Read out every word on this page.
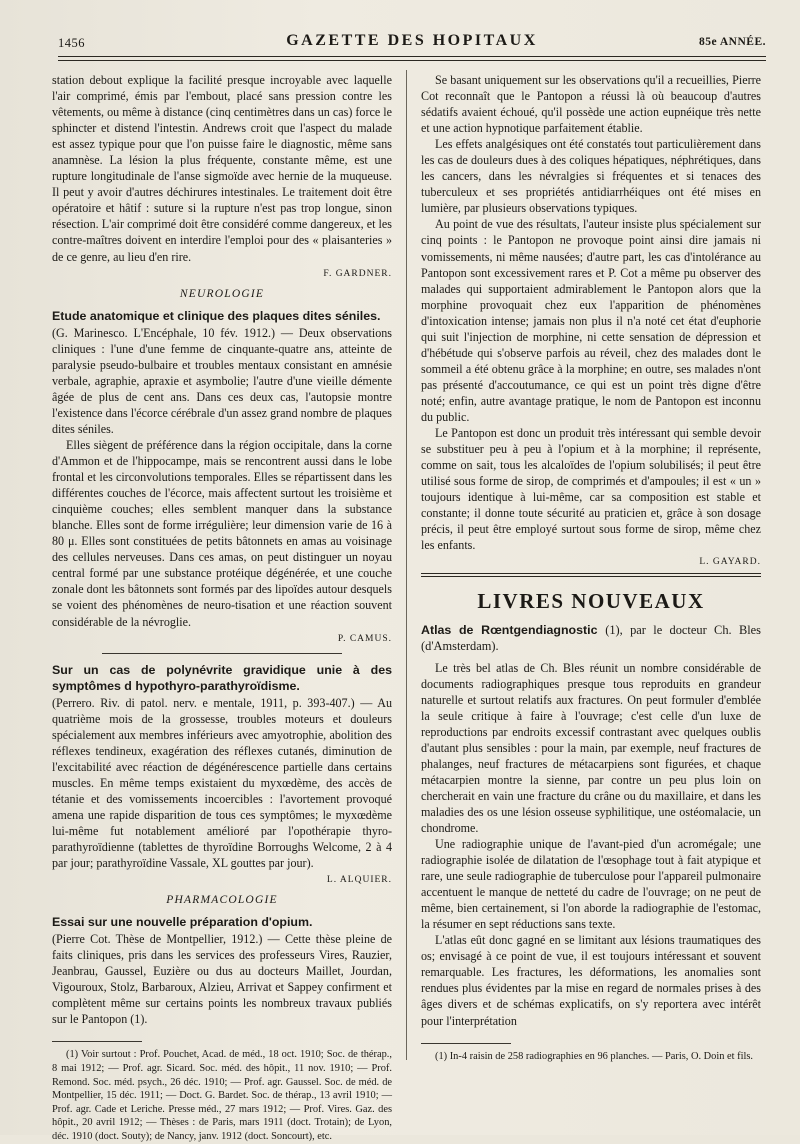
1456	GAZETTE DES HOPITAUX	85e ANNÉE.

station debout explique la facilité presque incroyable avec laquelle l'air comprimé, émis par l'embout, placé sans pression contre les vêtements, ou même à distance (cinq centimètres dans un cas) force le sphincter et distend l'intestin. Andrews croit que l'aspect du malade est assez typique pour que l'on puisse faire le diagnostic, même sans anamnèse. La lésion la plus fréquente, constante même, est une rupture longitudinale de l'anse sigmoïde avec hernie de la muqueuse. Il peut y avoir d'autres déchirures intestinales. Le traitement doit être opératoire et hâtif : suture si la rupture n'est pas trop longue, sinon résection. L'air comprimé doit être considéré comme dangereux, et les contre-maîtres doivent en interdire l'emploi pour des « plaisanteries » de ce genre, au lieu d'en rire.

F. GARDNER.
NEUROLOGIE
Etude anatomique et clinique des plaques dites séniles.

(G. Marinesco. L'Encéphale, 10 fév. 1912.) — Deux observations cliniques : l'une d'une femme de cinquante-quatre ans, atteinte de paralysie pseudo-bulbaire et troubles mentaux consistant en amnésie verbale, agraphie, apraxie et asymbolie; l'autre d'une vieille démente âgée de plus de cent ans. Dans ces deux cas, l'autopsie montre l'existence dans l'écorce cérébrale d'un assez grand nombre de plaques dites séniles.

Elles siègent de préférence dans la région occipitale, dans la corne d'Ammon et de l'hippocampe, mais se rencontrent aussi dans le lobe frontal et les circonvolutions temporales. Elles se répartissent dans les différentes couches de l'écorce, mais affectent surtout les troisième et cinquième couches; elles semblent manquer dans la substance blanche. Elles sont de forme irrégulière; leur dimension varie de 16 à 80 μ. Elles sont constituées de petits bâtonnets en amas au voisinage des cellules nerveuses. Dans ces amas, on peut distinguer un noyau central formé par une substance protéique dégénérée, et une couche zonale dont les bâtonnets sont formés par des lipoïdes autour desquels se voient des phénomènes de neuro-tisation et une réaction souvent considérable de la névroglie.

P. CAMUS.
Sur un cas de polynévrite gravidique unie à des symptômes d hypothyro-parathyroïdisme.

(Perrero. Riv. di patol. nerv. e mentale, 1911, p. 393-407.) — Au quatrième mois de la grossesse, troubles moteurs et douleurs spécialement aux membres inférieurs avec amyotrophie, abolition des réflexes tendineux, exagération des réflexes cutanés, diminution de l'excitabilité avec réaction de dégénérescence partielle dans certains muscles. En même temps existaient du myxœdème, des accès de tétanie et des vomissements incoercibles : l'avortement provoqué amena une rapide disparition de tous ces symptômes; le myxœdème lui-même fut notablement amélioré par l'opothérapie thyro-parathyroïdienne (tablettes de thyroïdine Borroughs Welcome, 2 à 4 par jour; parathyroïdine Vassale, XL gouttes par jour).

L. ALQUIER.
PHARMACOLOGIE
Essai sur une nouvelle préparation d'opium.

(Pierre Cot. Thèse de Montpellier, 1912.) — Cette thèse pleine de faits cliniques, pris dans les services des professeurs Vires, Rauzier, Jeanbrau, Gaussel, Euzière ou dus au docteurs Maillet, Jourdan, Vigouroux, Stolz, Barbaroux, Alzieu, Arrivat et Sappey confirment et complètent même sur certains points les nombreux travaux publiés sur le Pantopon (1).

(1) Voir surtout : Prof. Pouchet, Acad. de méd., 18 oct. 1910; Soc. de thérap., 8 mai 1912; — Prof. agr. Sicard. Soc. méd. des hôpit., 11 nov. 1910; — Prof. Remond. Soc. méd. psych., 26 déc. 1910; — Prof. agr. Gaussel. Soc. de méd. de Montpellier, 15 déc. 1911; — Doct. G. Bardet. Soc. de thérap., 13 avril 1910; — Prof. agr. Cade et Leriche. Presse méd., 27 mars 1912; — Prof. Vires. Gaz. des hôpit., 20 avril 1912; — Thèses : de Paris, mars 1911 (doct. Trotain); de Lyon, déc. 1910 (doct. Souty); de Nancy, janv. 1912 (doct. Soncourt), etc.

Se basant uniquement sur les observations qu'il a recueillies, Pierre Cot reconnaît que le Pantopon a réussi là où beaucoup d'autres sédatifs avaient échoué, qu'il possède une action eupnéique très nette et une action hypnotique parfaitement établie.

Les effets analgésiques ont été constatés tout particulièrement dans les cas de douleurs dues à des coliques hépatiques, néphrétiques, dans les cancers, dans les névralgies si fréquentes et si tenaces des tuberculeux et ses propriétés antidiarrhéiques ont été mises en lumière, par plusieurs observations typiques.

Au point de vue des résultats, l'auteur insiste plus spécialement sur cinq points : le Pantopon ne provoque point ainsi dire jamais ni vomissements, ni même nausées; d'autre part, les cas d'intolérance au Pantopon sont excessivement rares et P. Cot a même pu observer des malades qui supportaient admirablement le Pantopon alors que la morphine provoquait chez eux l'apparition de phénomènes d'intoxication intense; jamais non plus il n'a noté cet état d'euphorie qui suit l'injection de morphine, ni cette sensation de dépression et d'hébétude qui s'observe parfois au réveil, chez des malades dont le sommeil a été obtenu grâce à la morphine; en outre, ses malades n'ont pas présenté d'accoutumance, ce qui est un point très digne d'être noté; enfin, autre avantage pratique, le nom de Pantopon est inconnu du public.

Le Pantopon est donc un produit très intéressant qui semble devoir se substituer peu à peu à l'opium et à la morphine; il représente, comme on sait, tous les alcaloïdes de l'opium solubilisés; il peut être utilisé sous forme de sirop, de comprimés et d'ampoules; il est « un » toujours identique à lui-même, car sa composition est stable et constante; il donne toute sécurité au praticien et, grâce à son dosage précis, il peut être employé surtout sous forme de sirop, même chez les enfants.

L. GAYARD.
LIVRES NOUVEAUX
Atlas de Rœntgendiagnostic (1), par le docteur Ch. Bles (d'Amsterdam).

Le très bel atlas de Ch. Bles réunit un nombre considérable de documents radiographiques presque tous reproduits en grandeur naturelle et surtout relatifs aux fractures. On peut formuler d'emblée la seule critique à faire à l'ouvrage; c'est celle d'un luxe de reproductions par endroits excessif contrastant avec quelques oublis d'autant plus sensibles : pour la main, par exemple, neuf fractures de phalanges, neuf fractures de métacarpiens sont figurées, et chaque métacarpien montre la sienne, par contre un peu plus loin on chercherait en vain une fracture du crâne ou du maxillaire, et dans les maladies des os une lésion osseuse syphilitique, une ostéomalacie, un chondrome.

Une radiographie unique de l'avant-pied d'un acromégale; une radiographie isolée de dilatation de l'œsophage tout à fait atypique et rare, une seule radiographie de tuberculose pour l'appareil pulmonaire accentuent le manque de netteté du cadre de l'ouvrage; on ne peut de même, bien certainement, si l'on aborde la radiographie de l'estomac, la résumer en sept réductions sans texte.

L'atlas eût donc gagné en se limitant aux lésions traumatiques des os; envisagé à ce point de vue, il est toujours intéressant et souvent remarquable. Les fractures, les déformations, les anomalies sont rendues plus évidentes par la mise en regard de normales prises à des âges divers et de schémas explicatifs, on s'y reportera avec intérêt pour l'interprétation

(1) In-4 raisin de 258 radiographies en 96 planches. — Paris, O. Doin et fils.
